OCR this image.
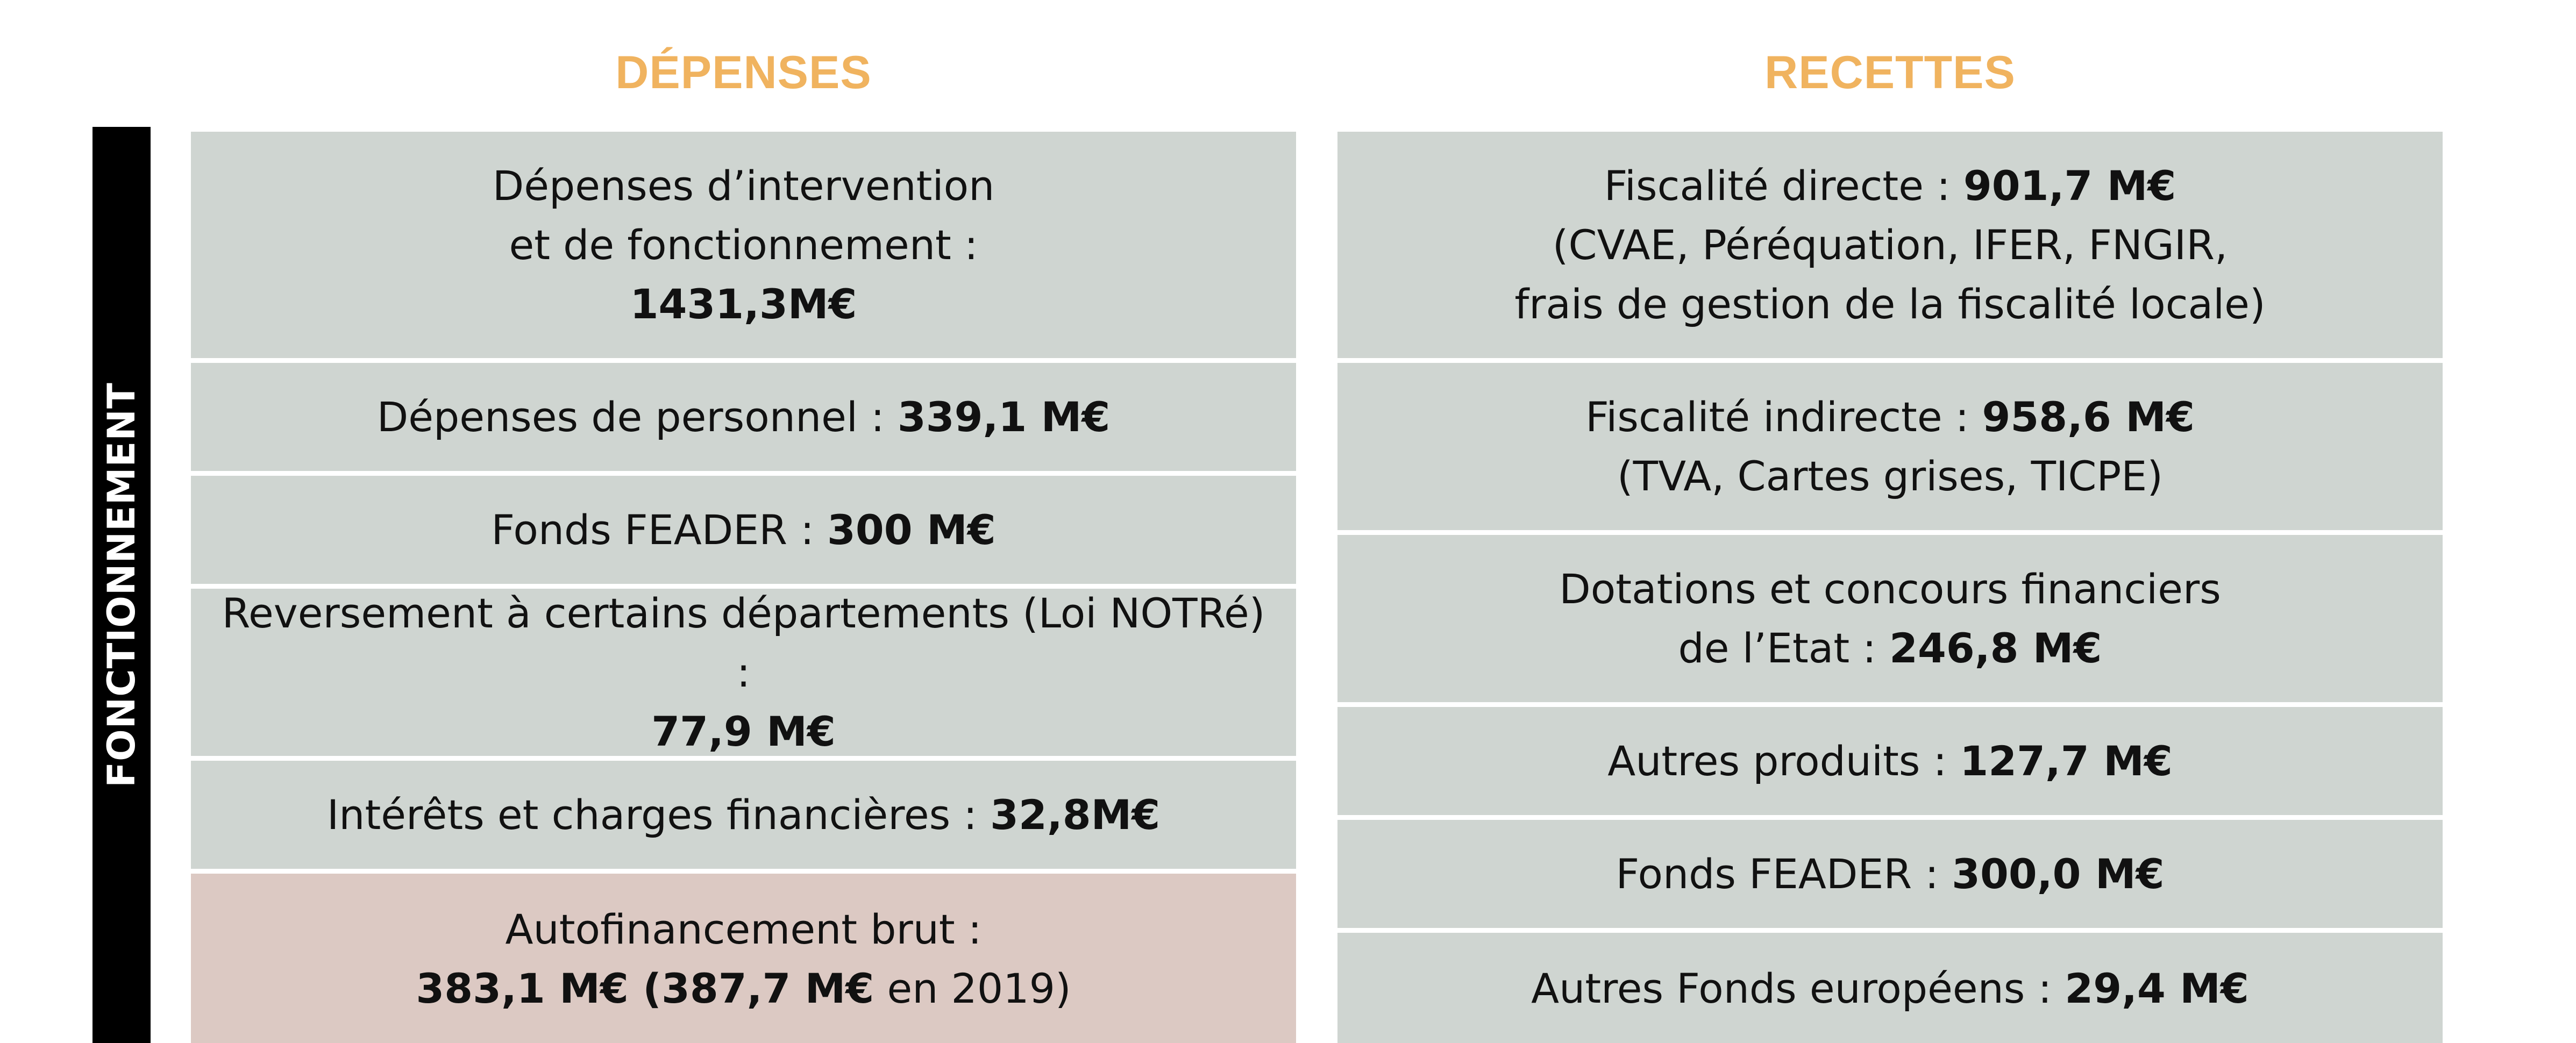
DÉPENSES	RECETTES
FONCTIONNEMENT
Dépenses d’intervention
et de fonctionnement :
1431,3M€
Dépenses de personnel : 339,1 M€
Fonds FEADER : 300 M€
Reversement à certains départements (Loi NOTRé) :
77,9 M€
Intérêts et charges financières : 32,8M€
Autofinancement brut :
383,1 M€ (387,7 M€ en 2019)
Fiscalité directe : 901,7 M€
(CVAE, Péréquation, IFER, FNGIR,
frais de gestion de la fiscalité locale)
Fiscalité indirecte : 958,6 M€
(TVA, Cartes grises, TICPE)
Dotations et concours financiers
de l’Etat : 246,8 M€
Autres produits : 127,7 M€
Fonds FEADER : 300,0 M€
Autres Fonds européens : 29,4 M€
